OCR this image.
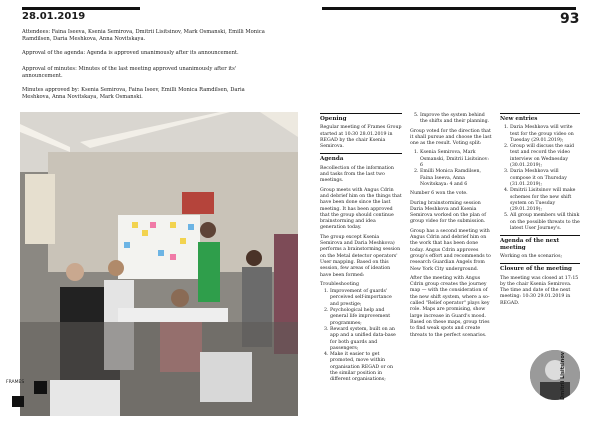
28.01.2019	93
Attendees: Faina Iseeva, Ksenia Semirova, Dmitrii Lisitsinov, Mark Osmanski, Emilli Monica Ramdilsen, Daria Meshkova, Anna Novitskaya.
Approval of the agenda: Agenda is approved unanimously after its announcement.
Approval of minutes: Minutes of the last meeting approved unanimously after its' announcement.
Minutes approved by: Ksenia Semirova, Faina Iseev, Emilli Monica Ramdilsen, Daria Meshkova, Anna Novitskaya, Mark Osmanski.
FRAMES
Opening

Regular meeting of Frames Group started at 10:30 28.01.2019 in REGAD by the chair Ksenia Semirova.

Agenda

Recollection of the information and tasks from the last two meetings.

Group meets with Angus Cdrin and debrief him on the things that have been done since the last meeting. It has been approved that the group should continue brainstorming and idea generation today.

The group except Ksenia Semirova and Daria Meshkova) performs a brainstorming session on the Metal detector operators' User mapping. Based on this session, few areas of ideation have been formed:

Troubleshooting

1. Improvement of guards' perceived self-importance and prestige;
2. Psychological help and general life improvement programmes;
3. Reward system, built on an app and a unified data-base for both guards and passengers;
4. Make it easier to get promoted, move within organisation REGAD or on the similar position in different organisations;
5. Improve the system behind the shifts and their planning.

Group voted for the direction that it shall pursue and choose the last one as the result. Voting split:

1. Ksenia Semirova, Mark Osmanski, Dmitrii Lisitsinov: 6
2. Emilli Monica Ramdilsen, Faina Iseeva, Anna Novitskaya: 4 and 6

Number 6 won the vote.

During brainstorming session Daria Meshkova and Ksenia Semirova worked on the plan of group video for the submission.

Group has a second meeting with Angus Cdrin and debrief him on the work that has been done today. Angus Cdrin approves group's effort and recommends to research Guardian Angels from New York City underground.

After the meeting with Angus Cdrin group creates the journey map — with the consideration of the new shift system, where a so-called "Relief operator" plays key role. Maps are promising, show large increase in Guard's mood. Based on these maps, group tries to find weak spots and create threats to the perfect scenarios.

New entries
1. Daria Meshkova will write text for the group video on Tuesday (29.01.2019);
2. Group will discuss the said text and record the video interview on Wednesday (30.01.2019);
3. Daria Meshkova will compose it on Thursday (31.01.2019);
4. Dmitrii Lisitsinov will make schemes for the new shift system on Tuesday (29.01.2019);
5. All group members will think on the possible threats to the latest User Journey's.
Agenda of the next meeting

Working on the scenarios;

Closure of the meeting

The meeting was closed at 17:15 by the chair Ksenia Semirova. The time and date of the next meeting: 10:30 29.01.2019 in REGAD.

Dmitrii Lisitsinov
